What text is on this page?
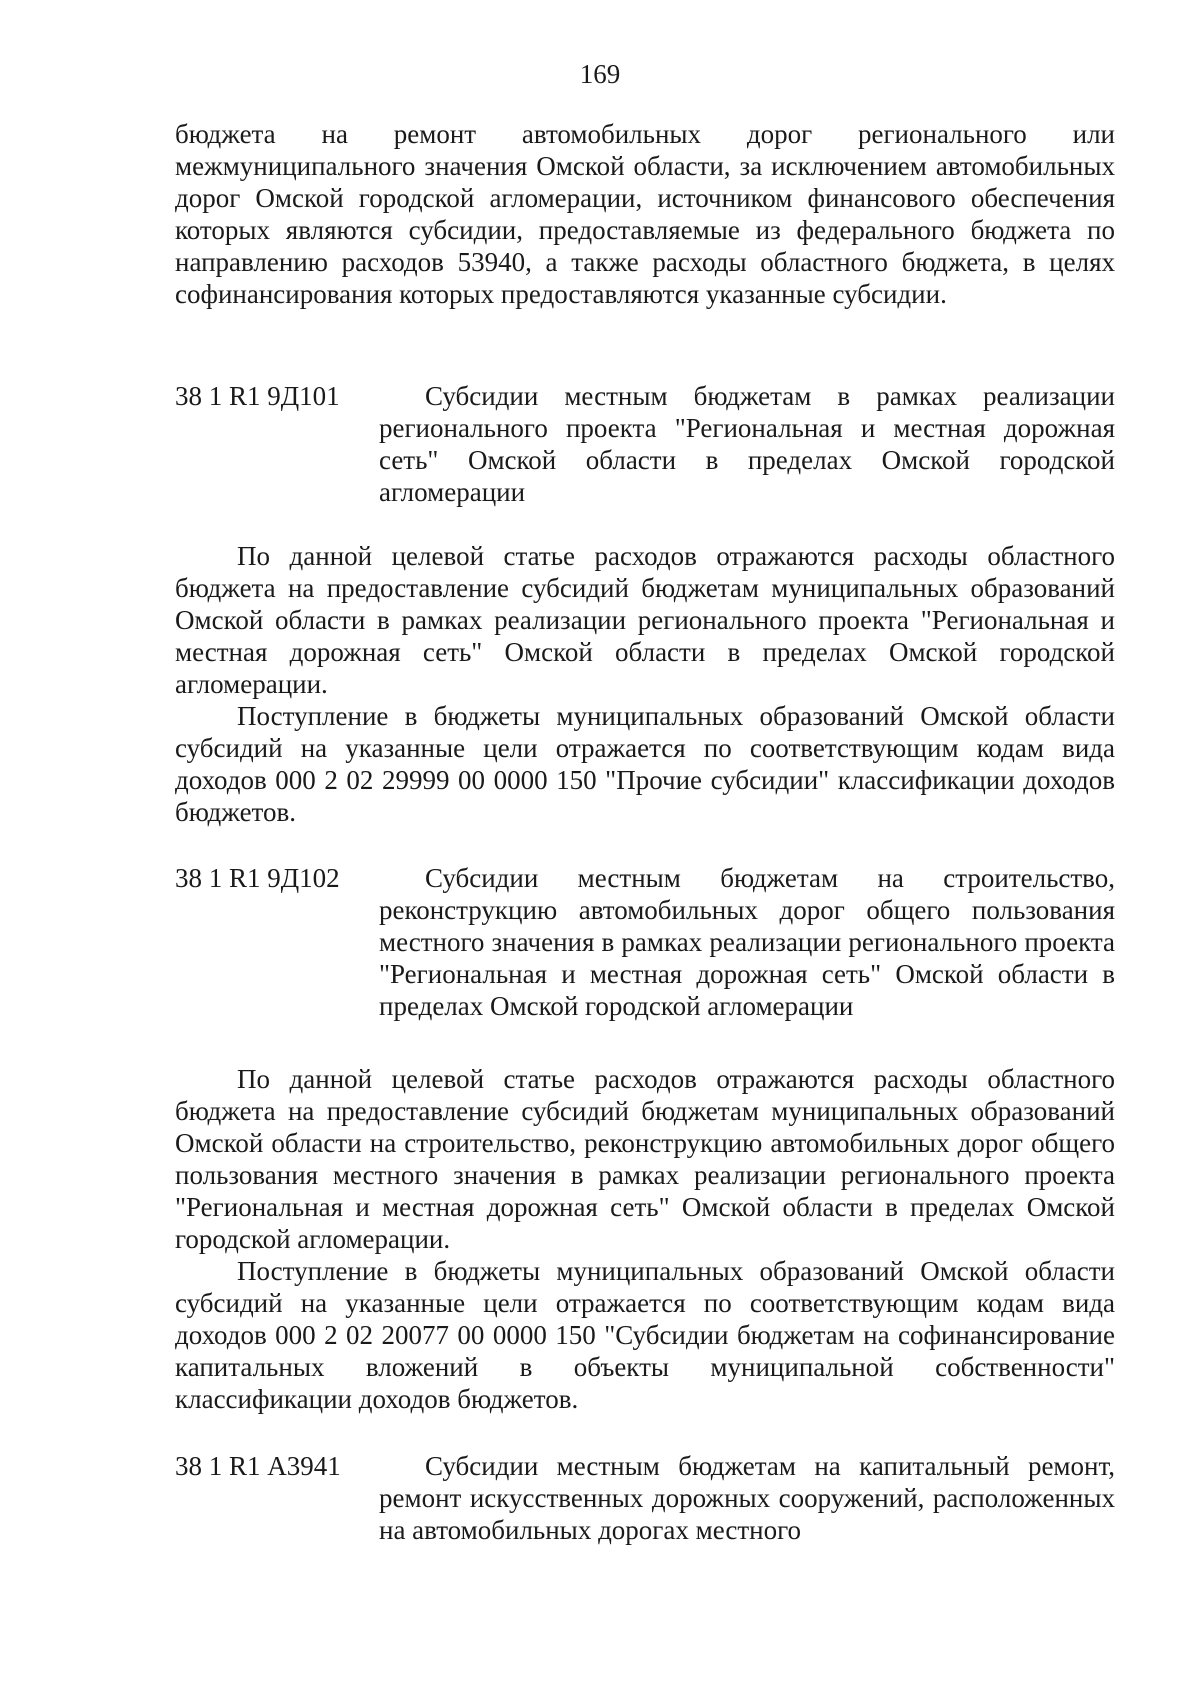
169

бюджета на ремонт автомобильных дорог регионального или межмуниципального значения Омской области, за исключением автомобильных дорог Омской городской агломерации, источником финансового обеспечения которых являются субсидии, предоставляемые из федерального бюджета по направлению расходов 53940, а также расходы областного бюджета, в целях софинансирования которых предоставляются указанные субсидии.

38 1 R1 9Д101	Субсидии местным бюджетам в рамках реализации регионального проекта "Региональная и местная дорожная сеть" Омской области в пределах Омской городской агломерации

По данной целевой статье расходов отражаются расходы областного бюджета на предоставление субсидий бюджетам муниципальных образований Омской области в рамках реализации регионального проекта "Региональная и местная дорожная сеть" Омской области в пределах Омской городской агломерации.

Поступление в бюджеты муниципальных образований Омской области субсидий на указанные цели отражается по соответствующим кодам вида доходов 000 2 02 29999 00 0000 150 "Прочие субсидии" классификации доходов бюджетов.

38 1 R1 9Д102	Субсидии местным бюджетам на строительство, реконструкцию автомобильных дорог общего пользования местного значения в рамках реализации регионального проекта "Региональная и местная дорожная сеть" Омской области в пределах Омской городской агломерации

По данной целевой статье расходов отражаются расходы областного бюджета на предоставление субсидий бюджетам муниципальных образований Омской области на строительство, реконструкцию автомобильных дорог общего пользования местного значения в рамках реализации регионального проекта "Региональная и местная дорожная сеть" Омской области в пределах Омской городской агломерации.

Поступление в бюджеты муниципальных образований Омской области субсидий на указанные цели отражается по соответствующим кодам вида доходов 000 2 02 20077 00 0000 150 "Субсидии бюджетам на софинансирование капитальных вложений в объекты муниципальной собственности" классификации доходов бюджетов.

38 1 R1 А3941	Субсидии местным бюджетам на капитальный ремонт, ремонт искусственных дорожных сооружений, расположенных на автомобильных дорогах местного
